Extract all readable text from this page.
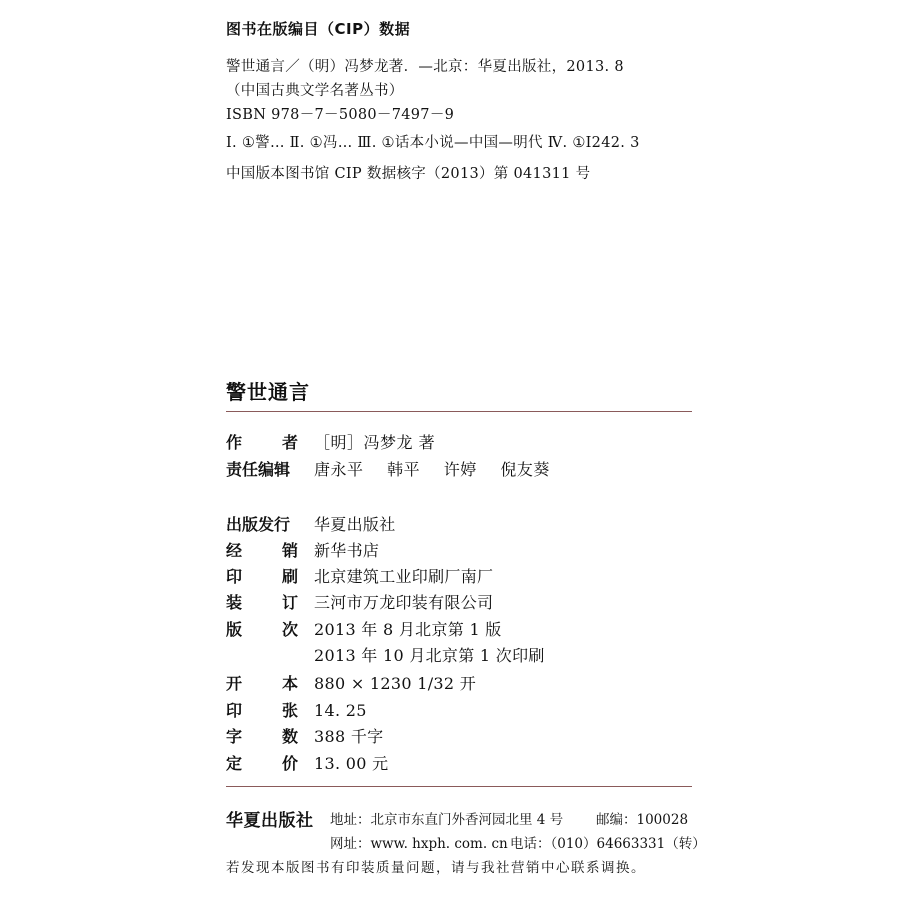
图书在版编目（CIP）数据
警世通言／（明）冯梦龙著．—北京：华夏出版社，2013. 8
（中国古典文学名著丛书）
ISBN 978－7－5080－7497－9
Ⅰ. ①警… Ⅱ. ①冯… Ⅲ. ①话本小说—中国—明代 Ⅳ. ①I242. 3
中国版本图书馆 CIP 数据核字（2013）第 041311 号
警世通言
作 者 ［明］冯梦龙 著
责任编辑	唐永平 韩平 许婷 倪友葵
出版发行 华夏出版社
经 销 新华书店
印 刷 北京建筑工业印刷厂南厂
装 订 三河市万龙印装有限公司
版 次 2013 年 8 月北京第 1 版
2013 年 10 月北京第 1 次印刷
开 本 880 × 1230 1/32 开
印 张 14. 25
字 数 388 千字
定 价 13. 00 元
华夏出版社 地址：北京市东直门外香河园北里 4 号 邮编：100028
网址：www. hxph. com. cn 电话：（010）64663331（转）
若发现本版图书有印装质量问题，请与我社营销中心联系调换。
